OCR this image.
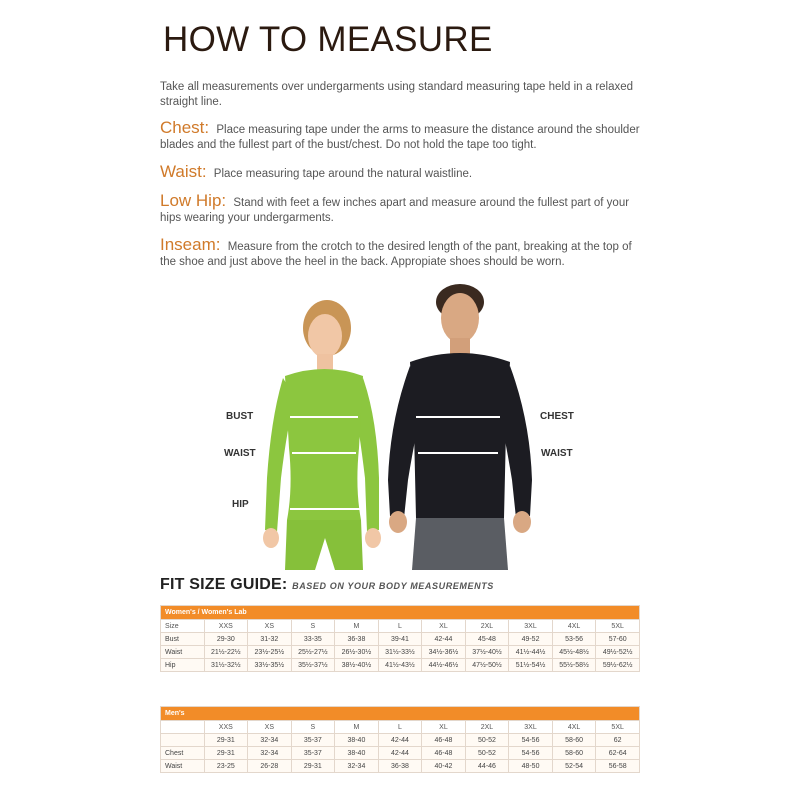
HOW TO MEASURE

Take all measurements over undergarments using standard measuring tape held in a relaxed straight line.

Chest: Place measuring tape under the arms to measure the distance around the shoulder blades and the fullest part of the bust/chest. Do not hold the tape too tight.

Waist: Place measuring tape around the natural waistline.

Low Hip: Stand with feet a few inches apart and measure around the fullest part of your hips wearing your undergarments.

Inseam: Measure from the crotch to the desired length of the pant, breaking at the top of the shoe and just above the heel in the back. Appropiate shoes should be worn.

BUST
WAIST
HIP
CHEST
WAIST
FIT SIZE GUIDE: BASED ON YOUR BODY MEASUREMENTS
Women's / Women's Lab										
Size	XXS	XS	S	M	L	XL	2XL	3XL	4XL	5XL
Bust	29-30	31-32	33-35	36-38	39-41	42-44	45-48	49-52	53-56	57-60
Waist	21½-22½	23½-25½	25½-27½	26½-30½	31½-33½	34½-36½	37½-40½	41½-44½	45½-48½	49½-52½
Hip	31½-32½	33½-35½	35½-37½	38½-40½	41½-43½	44½-46½	47½-50½	51½-54½	55½-58½	59½-62½
Men's										
	XXS	XS	S	M	L	XL	2XL	3XL	4XL	5XL
	29-31	32-34	35-37	38-40	42-44	46-48	50-52	54-56	58-60	62
Chest	29-31	32-34	35-37	38-40	42-44	46-48	50-52	54-56	58-60	62-64
Waist	23-25	26-28	29-31	32-34	36-38	40-42	44-46	48-50	52-54	56-58
